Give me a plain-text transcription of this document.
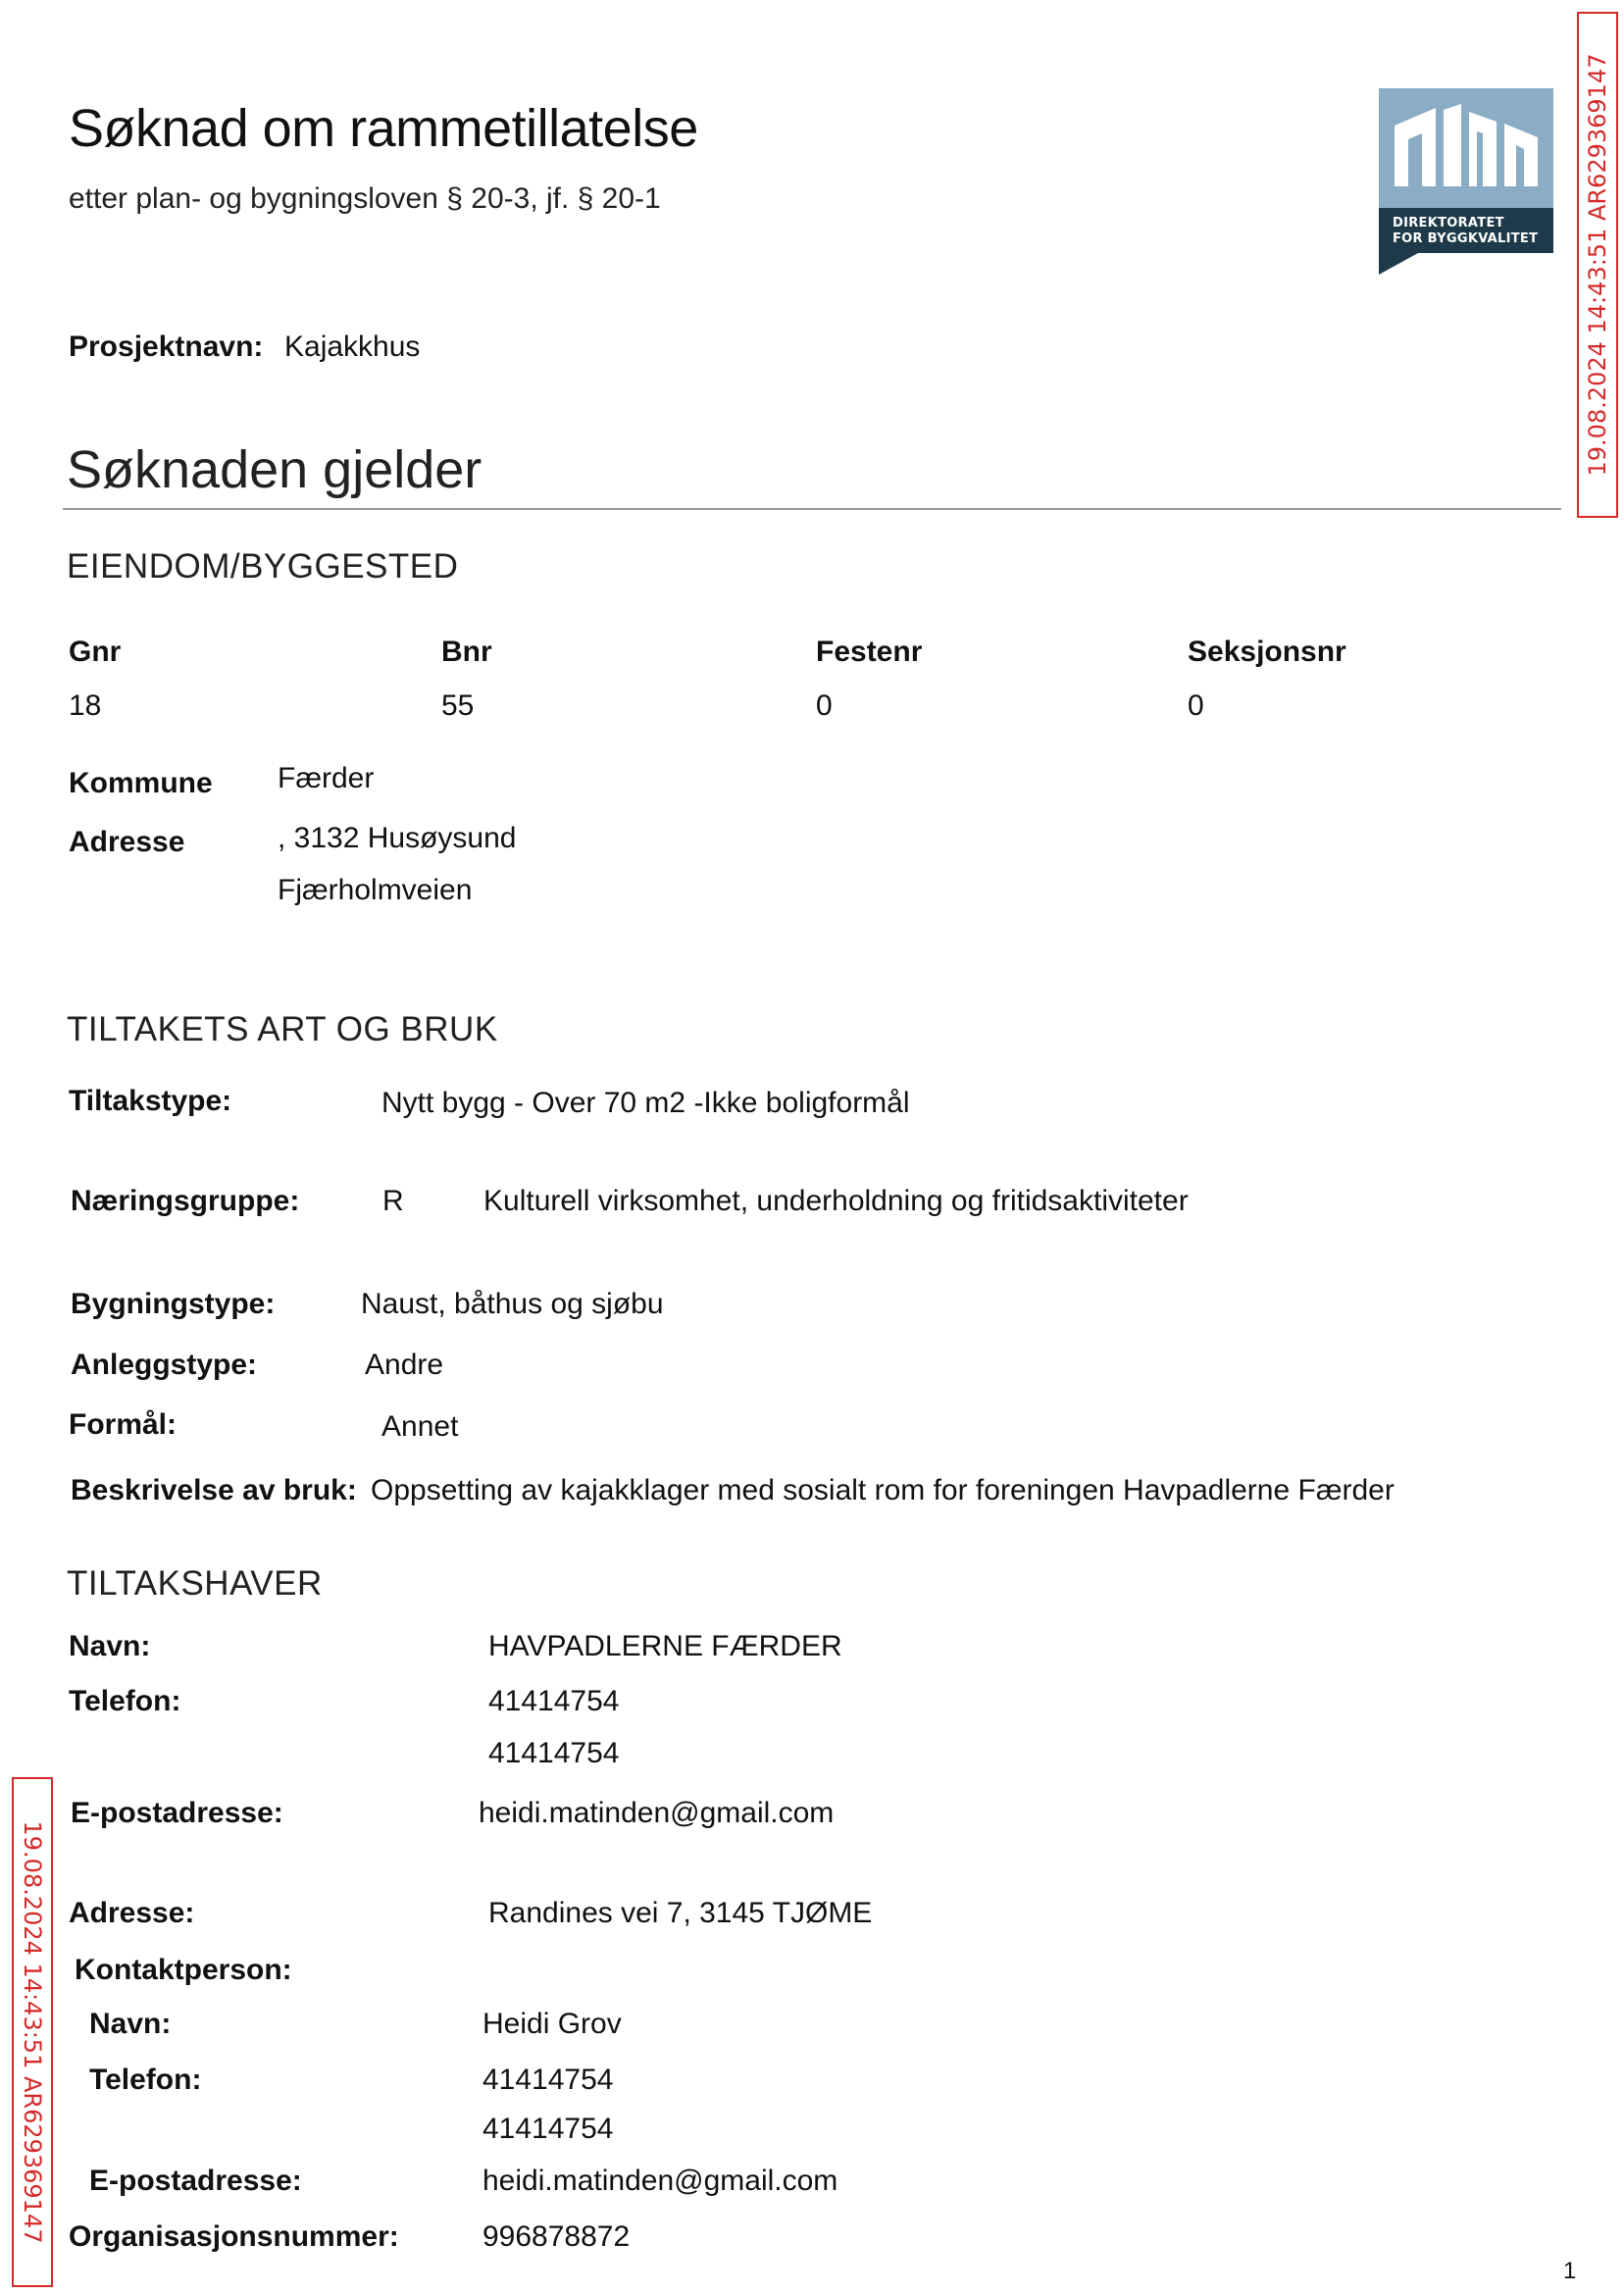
Søknad om rammetillatelse
etter plan- og bygningsloven § 20-3, jf. § 20-1
DIREKTORATET
FOR BYGGKVALITET 19.08.2024 14:43:51 AR629369147
19.08.2024 14:43:51 AR629369147
Prosjektnavn: Kajakkhus
Søknaden gjelder
EIENDOM/BYGGESTED
Gnr	Bnr	Festenr	Seksjonsnr
18	55	0	0
Kommune Færder
Adresse	, 3132 Husøysund
Fjærholmveien
TILTAKETS ART OG BRUK
Tiltakstype:	Nytt bygg - Over 70 m2 -Ikke boligformål
Næringsgruppe:	R	Kulturell virksomhet, underholdning og fritidsaktiviteter
Bygningstype:	Naust, båthus og sjøbu
Anleggstype:	Andre
Formål:	Annet
Beskrivelse av bruk: Oppsetting av kajakklager med sosialt rom for foreningen Havpadlerne Færder
TILTAKSHAVER
Navn:	HAVPADLERNE FÆRDER
Telefon:	41414754
41414754
E-postadresse:	heidi.matinden@gmail.com
Adresse:	Randines vei 7, 3145 TJØME
Kontaktperson:
Navn:	Heidi Grov
Telefon:	41414754
41414754
E-postadresse:	heidi.matinden@gmail.com
Organisasjonsnummer:	996878872
1
